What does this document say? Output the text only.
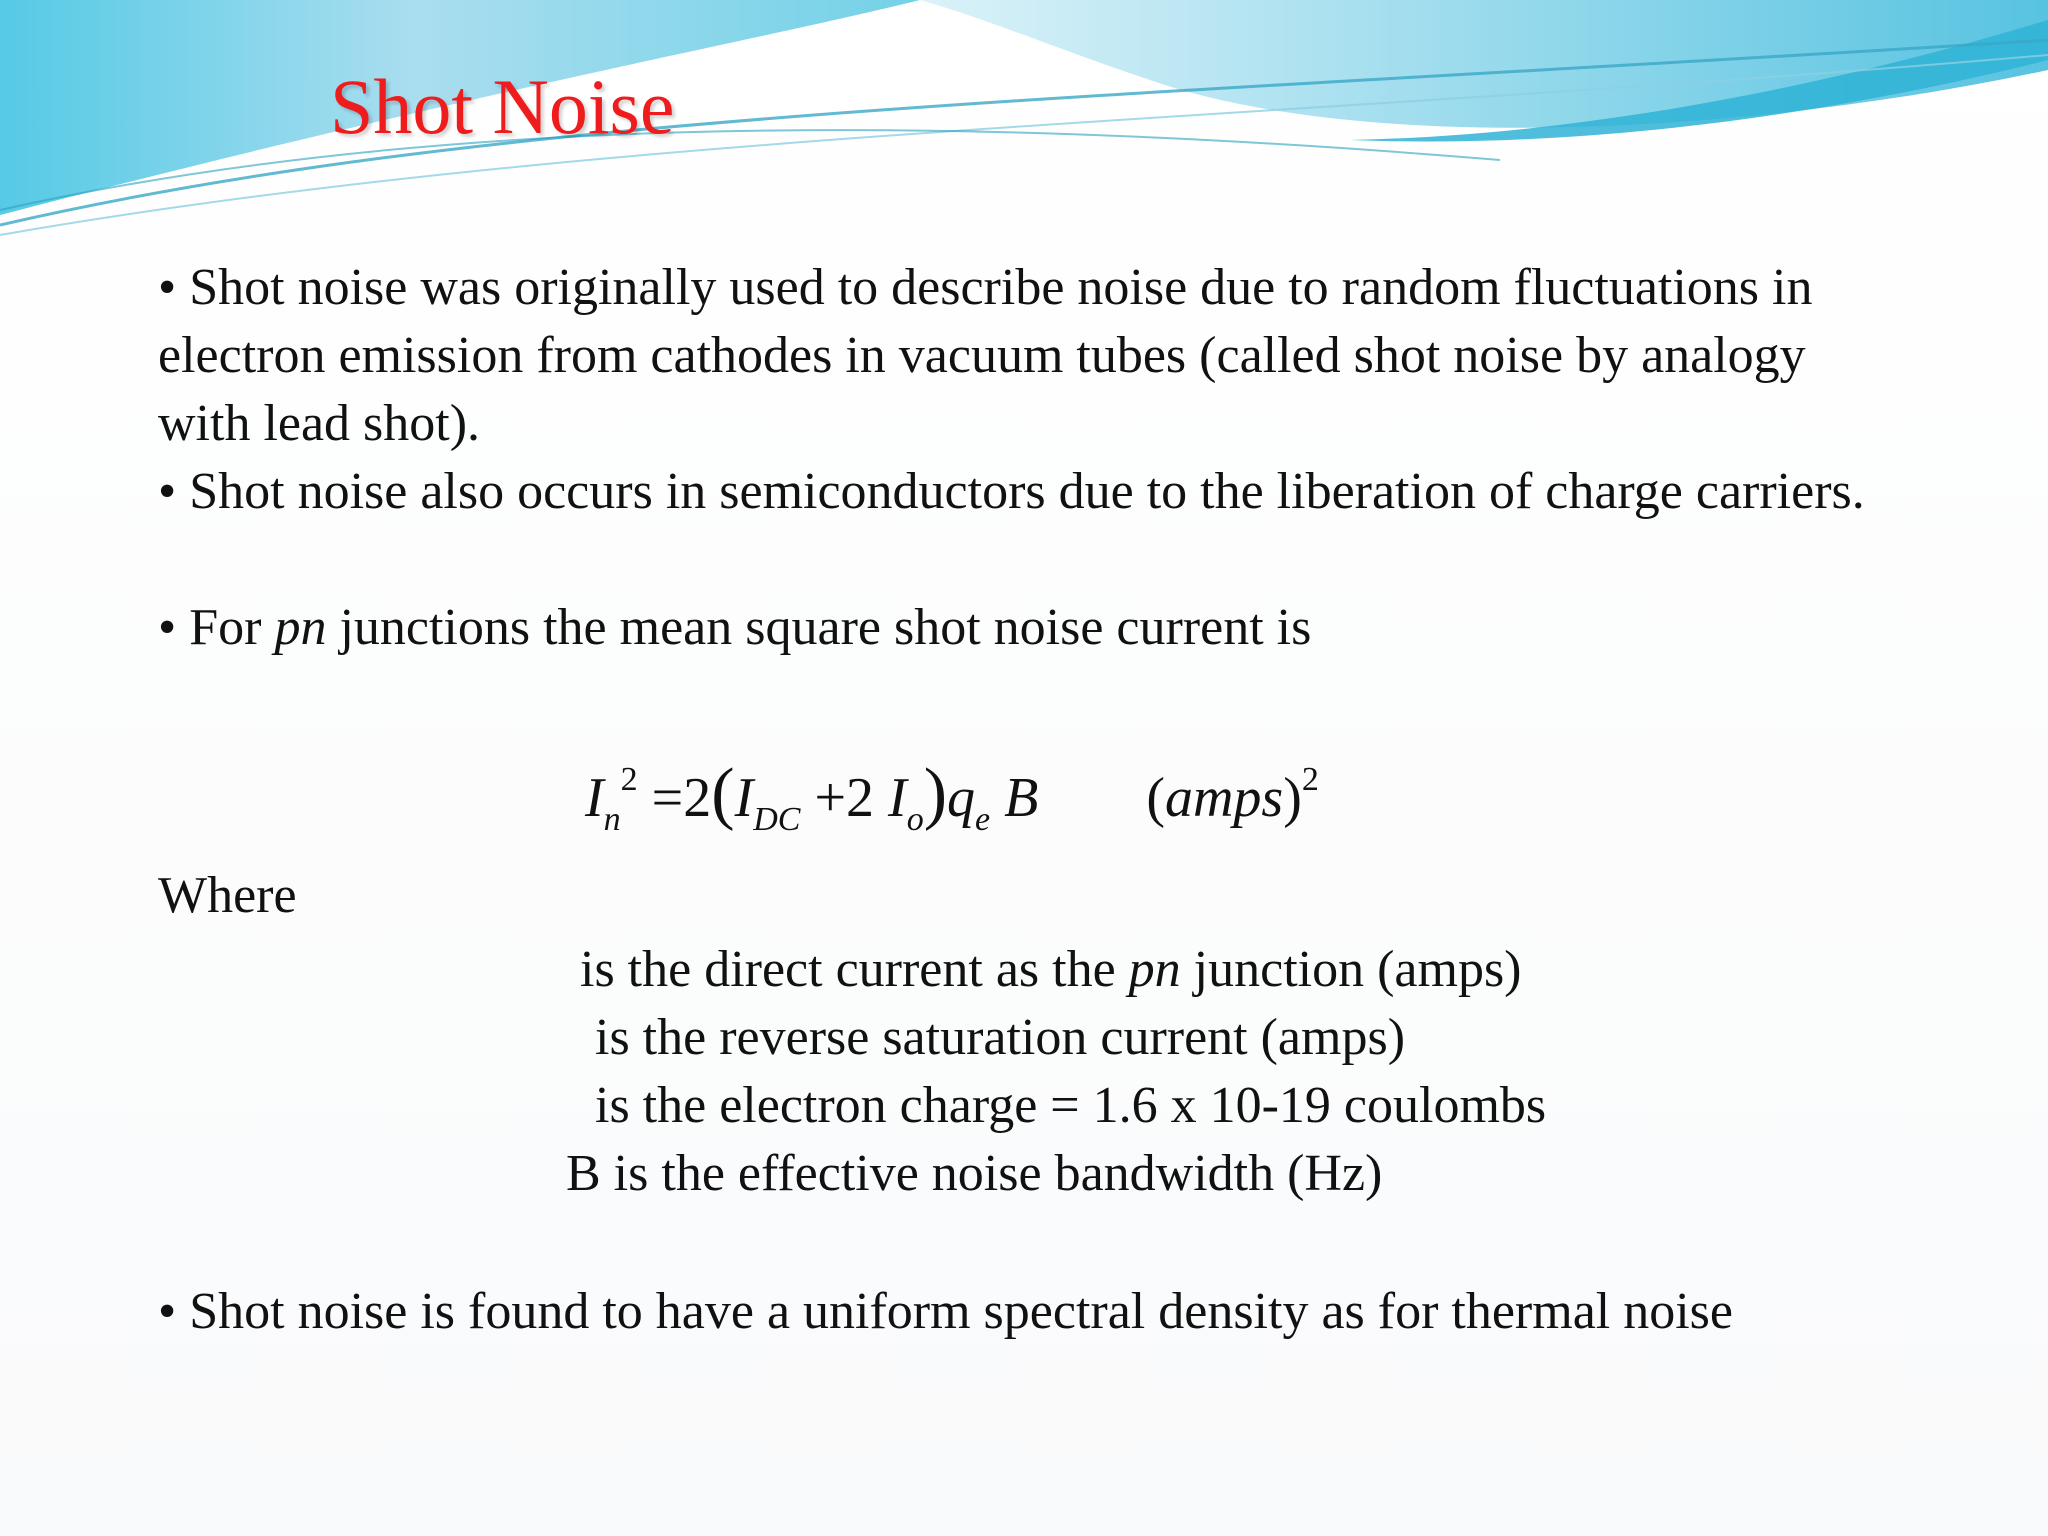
Shot Noise

• Shot noise was originally used to describe noise due to random fluctuations in electron emission from cathodes in vacuum tubes (called shot noise by analogy with lead shot).

• Shot noise also occurs in semiconductors due to the liberation of charge carriers.

• For pn junctions the mean square shot noise current is

$I_n^2 =2(I_{DC} +2$ $I_o)q_e$ B (amps)$^2$

Where

is the direct current as the pn junction (amps)

is the reverse saturation current (amps)

is the electron charge = 1.6 x 10-19 coulombs

B is the effective noise bandwidth (Hz)

• Shot noise is found to have a uniform spectral density as for thermal noise
